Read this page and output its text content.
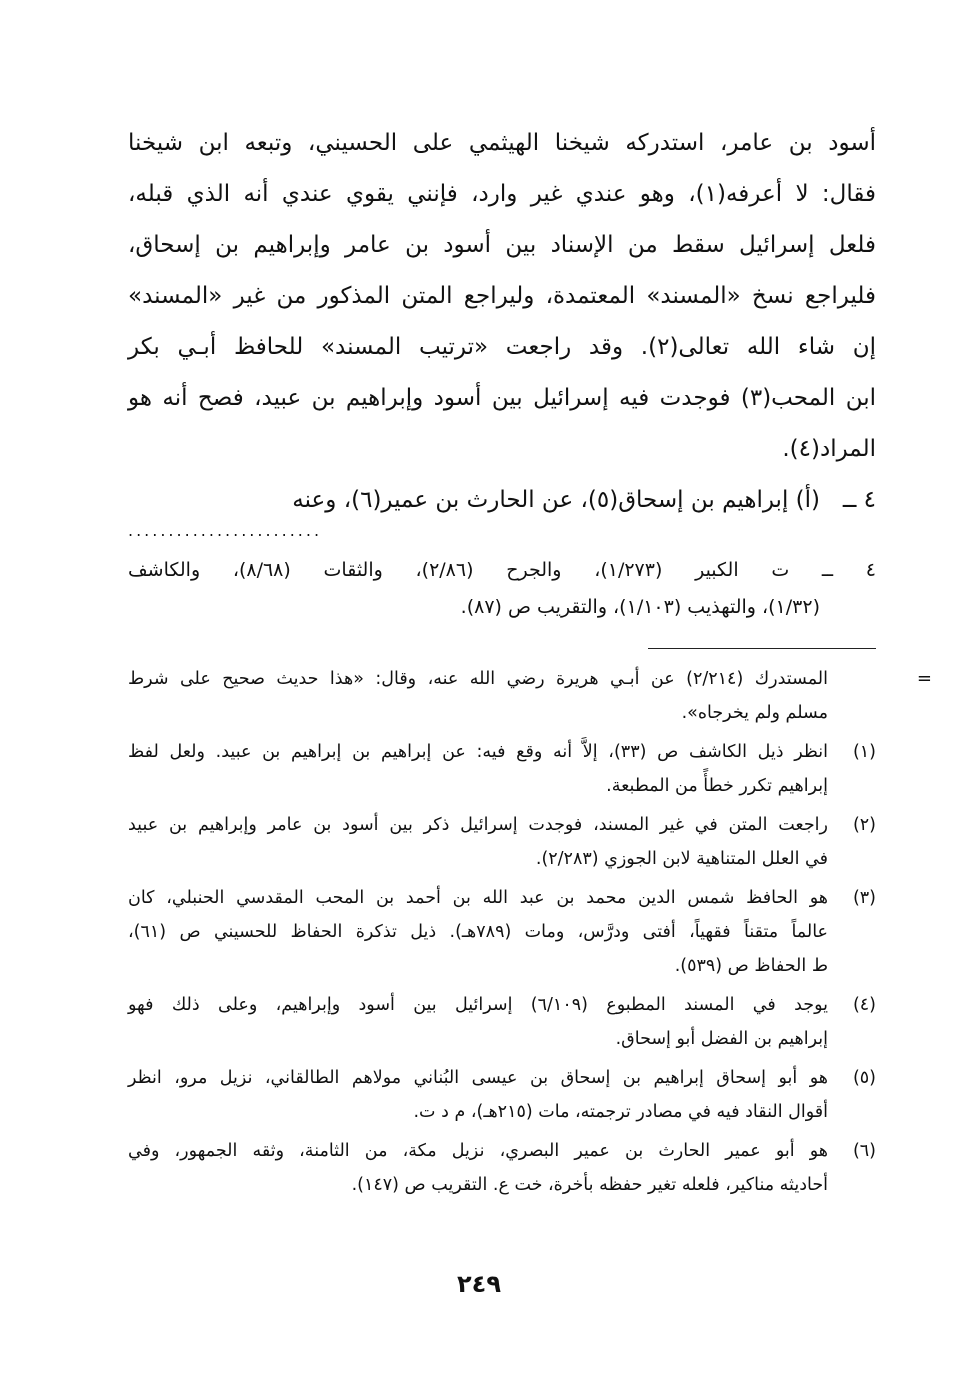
أسود بن عامر، استدركه شيخنا الهيثمي على الحسيني، وتبعه ابن شيخنا
فقال: لا أعرفه(١)، وهو عندي غير وارد، فإنني يقوي عندي أنه الذي قبله،
فلعل إسرائيل سقط من الإسناد بين أسود بن عامر وإبراهيم بن إسحاق،
فليراجع نسخ «المسند» المعتمدة، وليراجع المتن المذكور من غير «المسند»
إن شاء الله تعالى(٢). وقد راجعت «ترتيب المسند» للحافظ أبـي بكر
ابن المحب(٣) فوجدت فيه إسرائيل بين أسود وإبراهيم بن عبيد، فصح أنه هو
المراد(٤).

٤ ــ
(أ) إبراهيم بن إسحاق(٥)، عن الحارث بن عمير(٦)، وعنه
........................
٤ ــ ت الكبير (١/٢٧٣)، والجرح (٢/٨٦)، والثقات (٨/٦٨)، والكاشف
(١/٣٢)، والتهذيب (١/١٠٣)، والتقريب ص (٨٧).
=
المستدرك (٢/٢١٤) عن أبـي هريرة رضي الله عنه، وقال: «هذا حديث صحيح على شرط
مسلم ولم يخرجاه».
(١)
انظر ذيل الكاشف ص (٣٣)، إلاَّ أنه وقع فيه: عن إبراهيم بن إبراهيم بن عبيد. ولعل لفظ
إبراهيم تكرر خطأً من المطبعة.
(٢)
راجعت المتن في غير المسند، فوجدت إسرائيل ذكر بين أسود بن عامر وإبراهيم بن عبيد
في العلل المتناهية لابن الجوزي (٢/٢٨٣).
(٣)
هو الحافظ شمس الدين محمد بن عبد الله بن أحمد بن المحب المقدسي الحنبلي، كان
عالماً متقناً فقهياً، أفتى ودرَّس، ومات (٧٨٩هـ). ذيل تذكرة الحفاظ للحسيني ص (٦١)،
ط الحفاظ ص (٥٣٩).
(٤)
يوجد في المسند المطبوع (٦/١٠٩) إسرائيل بين أسود وإبراهيم، وعلى ذلك فهو
إبراهيم بن الفضل أبو إسحاق.
(٥)
هو أبو إسحاق إبراهيم بن إسحاق بن عيسى البُناني مولاهم الطالقاني، نزيل مرو، انظر
أقوال النقاد فيه في مصادر ترجمته، مات (٢١٥هـ)، م د ت.
(٦)
هو أبو عمير الحارث بن عمير البصري، نزيل مكة، من الثامنة، وثقه الجمهور، وفي
أحاديثه مناكير، فلعله تغير حفظه بأخرة، خت ع. التقريب ص (١٤٧).
٢٤٩
